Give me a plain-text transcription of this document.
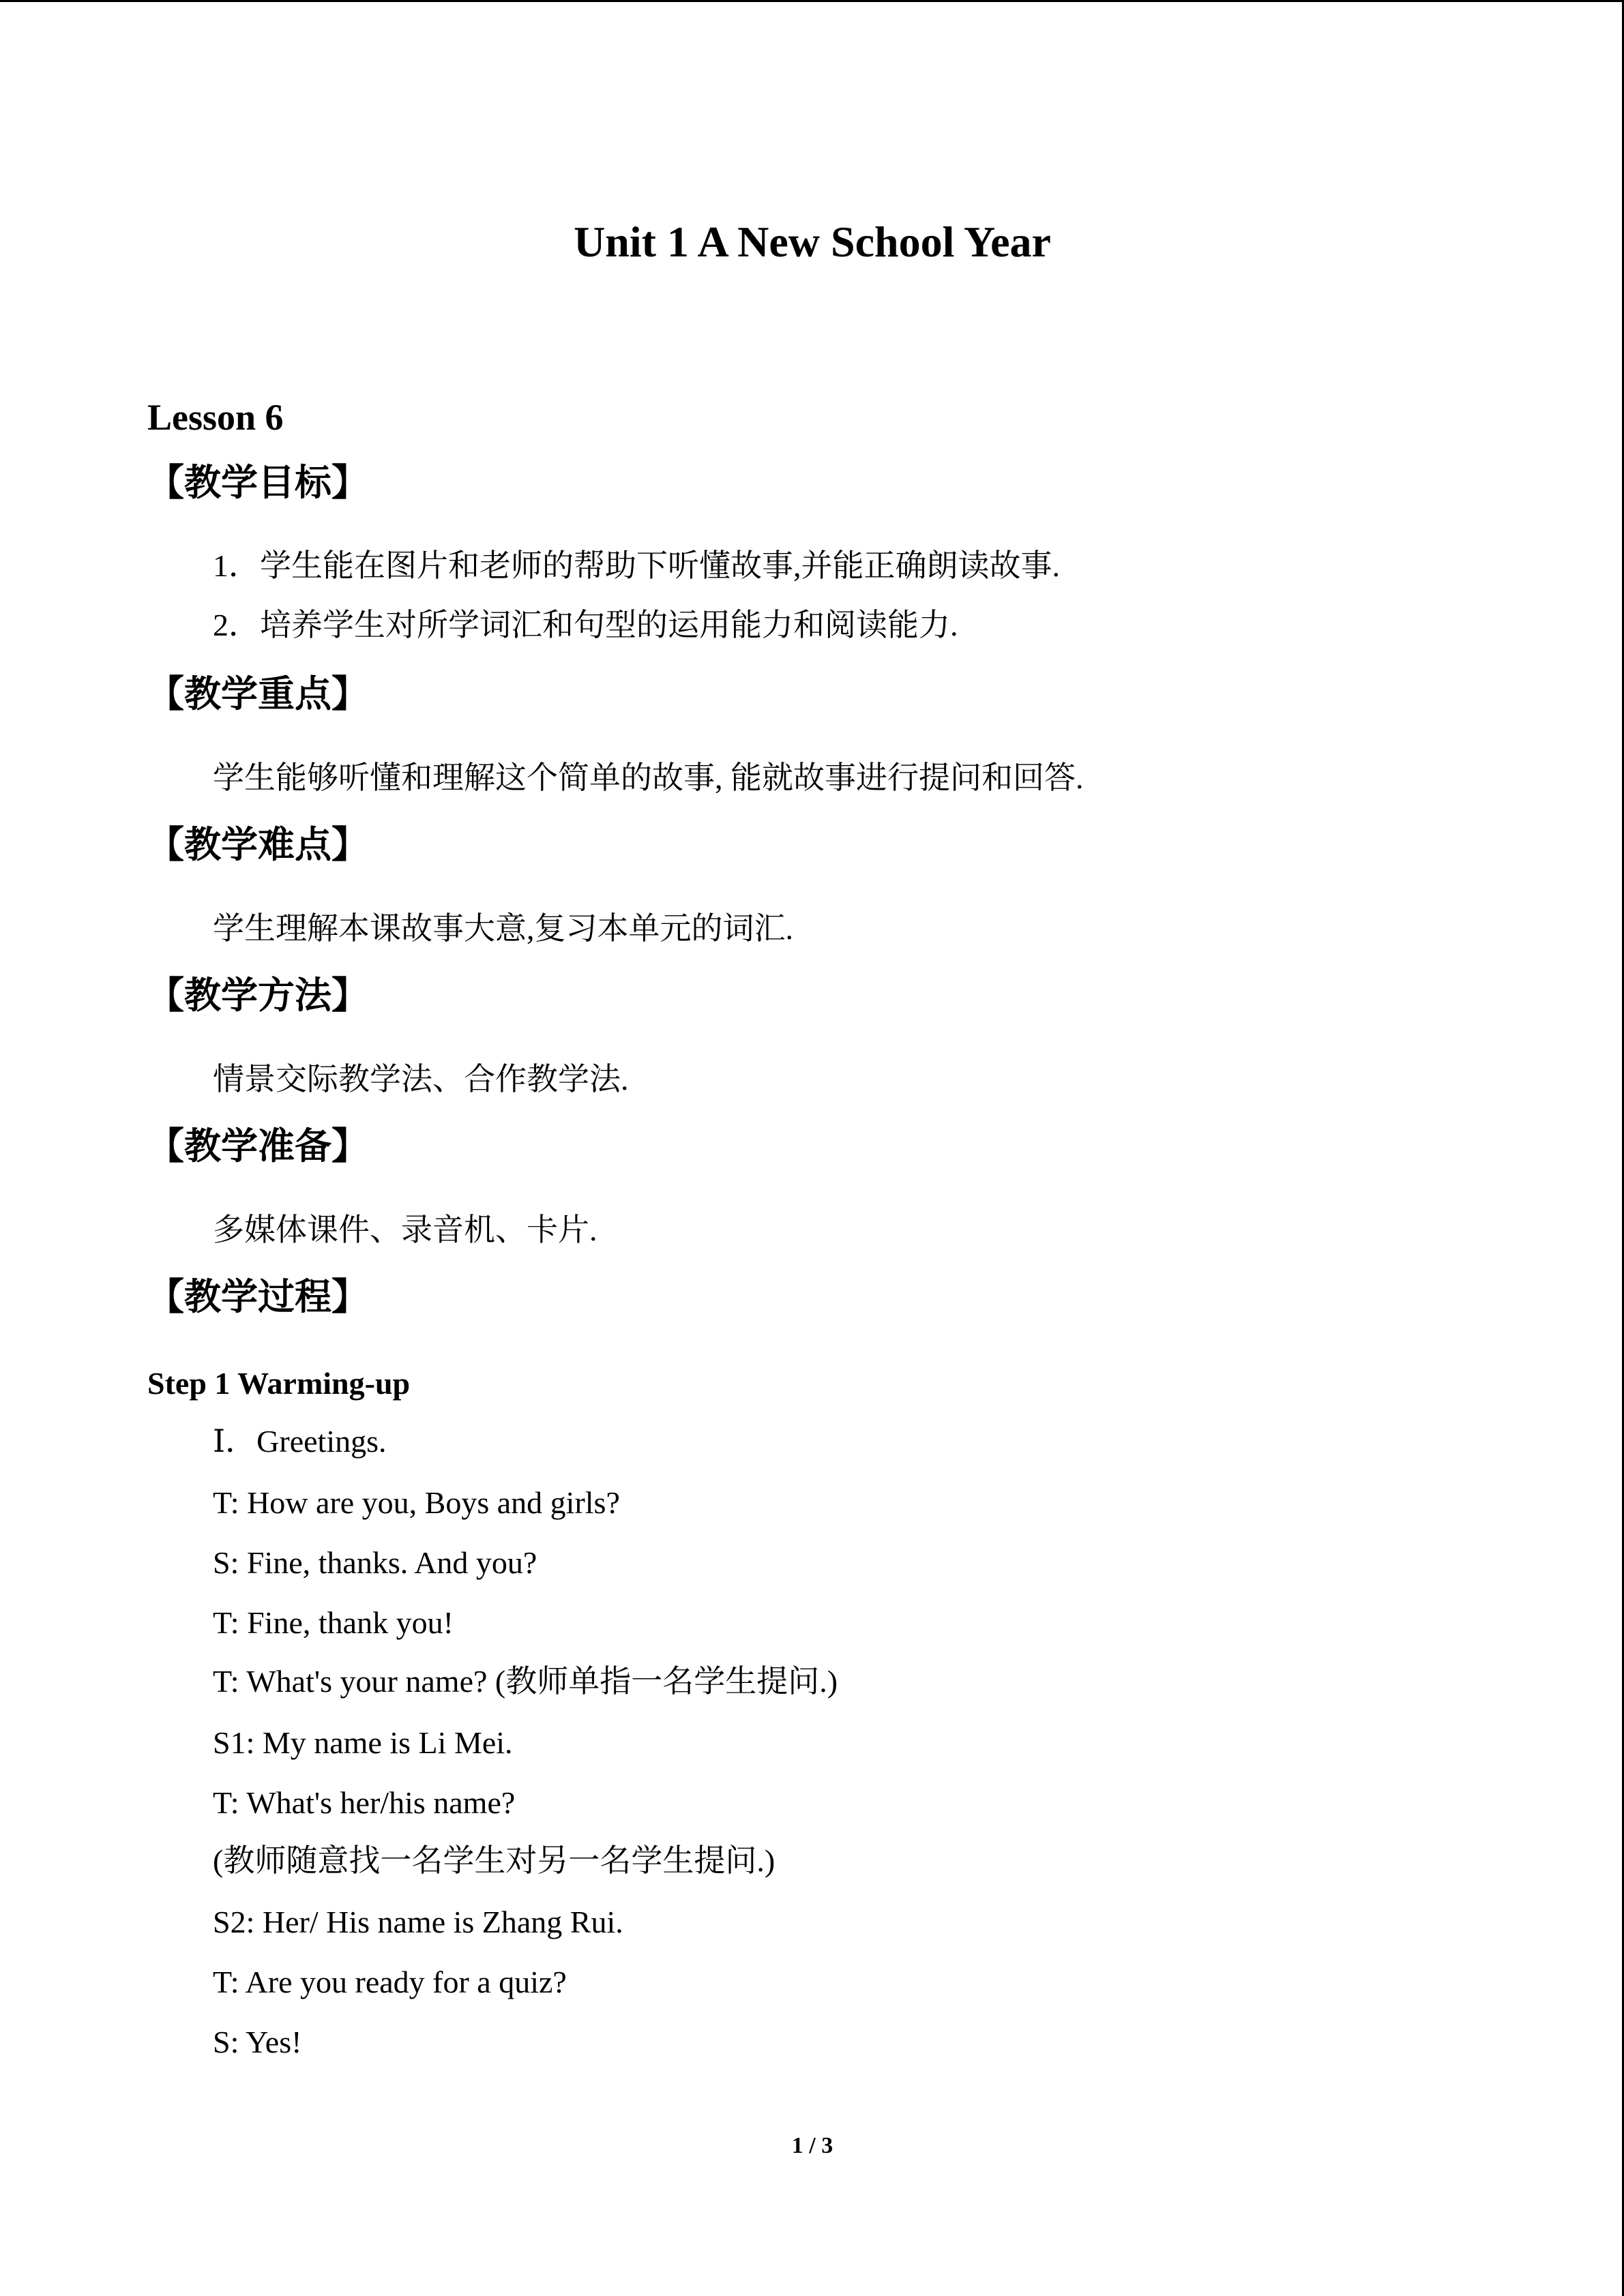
Unit 1 A New School Year
Lesson 6
【教学目标】
1．学生能在图片和老师的帮助下听懂故事,并能正确朗读故事.
2．培养学生对所学词汇和句型的运用能力和阅读能力.
【教学重点】
学生能够听懂和理解这个简单的故事, 能就故事进行提问和回答.
【教学难点】
学生理解本课故事大意,复习本单元的词汇.
【教学方法】
情景交际教学法、合作教学法.
【教学准备】
多媒体课件、录音机、卡片.
【教学过程】
Step 1 Warming-up
Ⅰ．Greetings.
T: How are you, Boys and girls?
S: Fine, thanks. And you?
T: Fine, thank you!
T: What's your name? (教师单指一名学生提问.)
S1: My name is Li Mei.
T: What's her/his name?
(教师随意找一名学生对另一名学生提问.)
S2: Her/ His name is Zhang Rui.
T: Are you ready for a quiz?
S: Yes!
1 / 3
